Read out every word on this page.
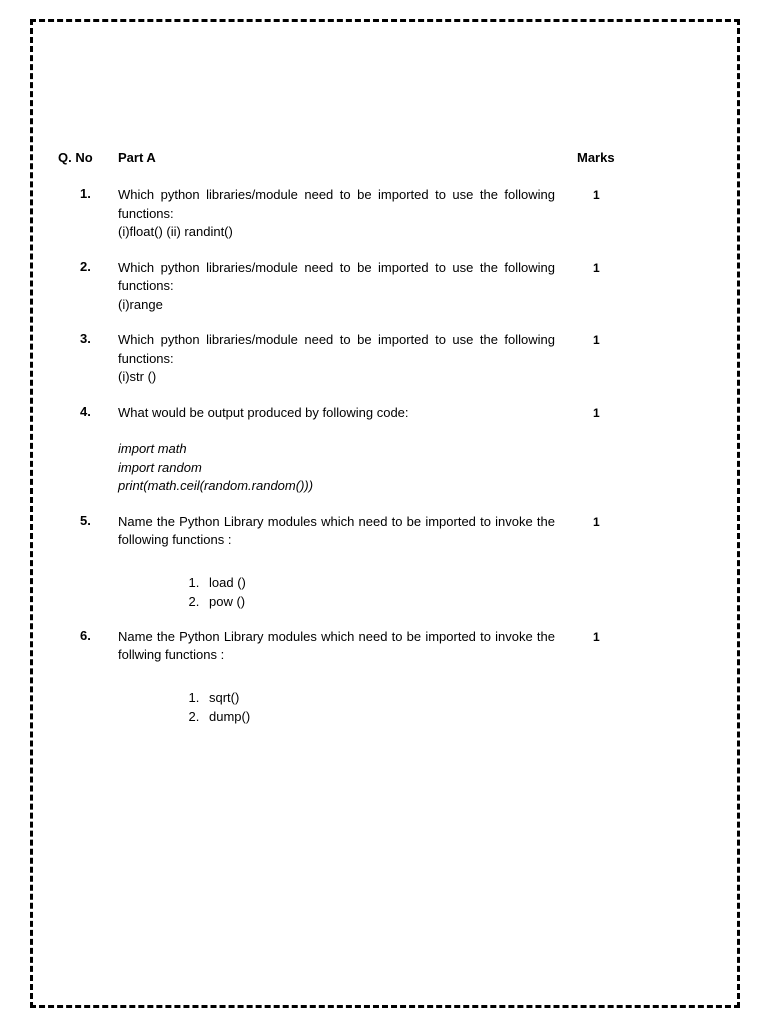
Q. No Part A	Marks
1. Which python libraries/module need to be imported to use the following functions:
(i)float() (ii) randint()
1
2. Which python libraries/module need to be imported to use the following functions:
(i)range
1
3. Which python libraries/module need to be imported to use the following functions:
(i)str ()
1
4. What would be output produced by following code:
import math
import random
print(math.ceil(random.random()))
1
5. Name the Python Library modules which need to be imported to invoke the following functions :
1. load ()
2. pow ()
1
6. Name the Python Library modules which need to be imported to invoke the follwing functions :
1. sqrt()
2. dump()
1
